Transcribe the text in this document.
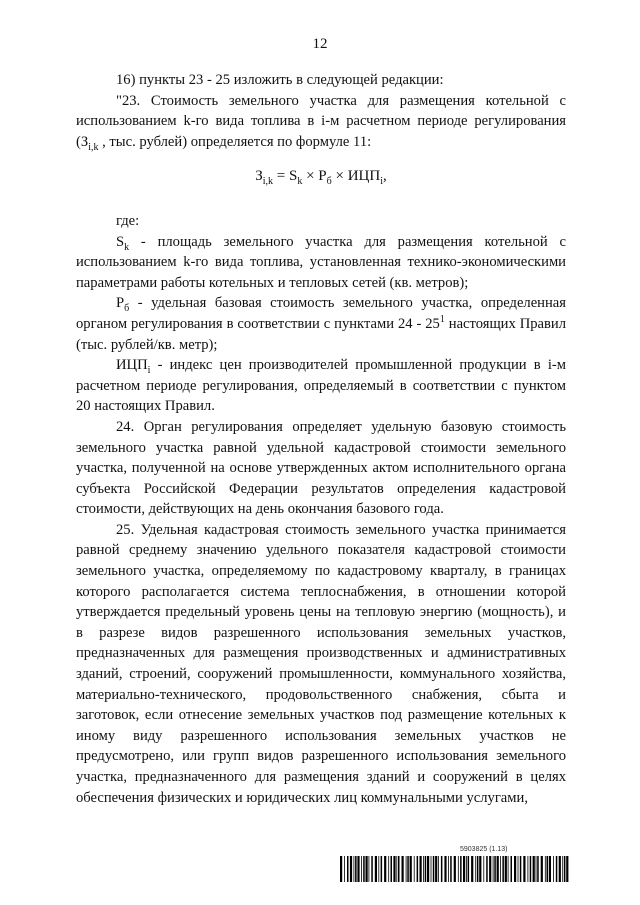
12

16) пункты 23 - 25 изложить в следующей редакции:

"23. Стоимость земельного участка для размещения котельной с использованием k-го вида топлива в i-м расчетном периоде регулирования ($З_{i,k}$ , тыс. рублей) определяется по формуле 11:

$З_{i,k} = S_k \times P_б \times ИЦП_i$,

где:

$S_k$ - площадь земельного участка для размещения котельной с использованием k-го вида топлива, установленная технико-экономическими параметрами работы котельных и тепловых сетей (кв. метров);

$P_б$ - удельная базовая стоимость земельного участка, определенная органом регулирования в соответствии с пунктами $24 - 25^1$ настоящих Правил (тыс. рублей/кв. метр);

$ИЦП_i$ - индекс цен производителей промышленной продукции в i-м расчетном периоде регулирования, определяемый в соответствии с пунктом 20 настоящих Правил.

24. Орган регулирования определяет удельную базовую стоимость земельного участка равной удельной кадастровой стоимости земельного участка, полученной на основе утвержденных актом исполнительного органа субъекта Российской Федерации результатов определения кадастровой стоимости, действующих на день окончания базового года.

25. Удельная кадастровая стоимость земельного участка принимается равной среднему значению удельного показателя кадастровой стоимости земельного участка, определяемому по кадастровому кварталу, в границах которого располагается система теплоснабжения, в отношении которой утверждается предельный уровень цены на тепловую энергию (мощность), и в разрезе видов разрешенного использования земельных участков, предназначенных для размещения производственных и административных зданий, строений, сооружений промышленности, коммунального хозяйства, материально-технического, продовольственного снабжения, сбыта и заготовок, если отнесение земельных участков под размещение котельных к иному виду разрешенного использования земельных участков не предусмотрено, или групп видов разрешенного использования земельного участка, предназначенного для размещения зданий и сооружений в целях обеспечения физических и юридических лиц коммунальными услугами,

5903825 (1.13)
